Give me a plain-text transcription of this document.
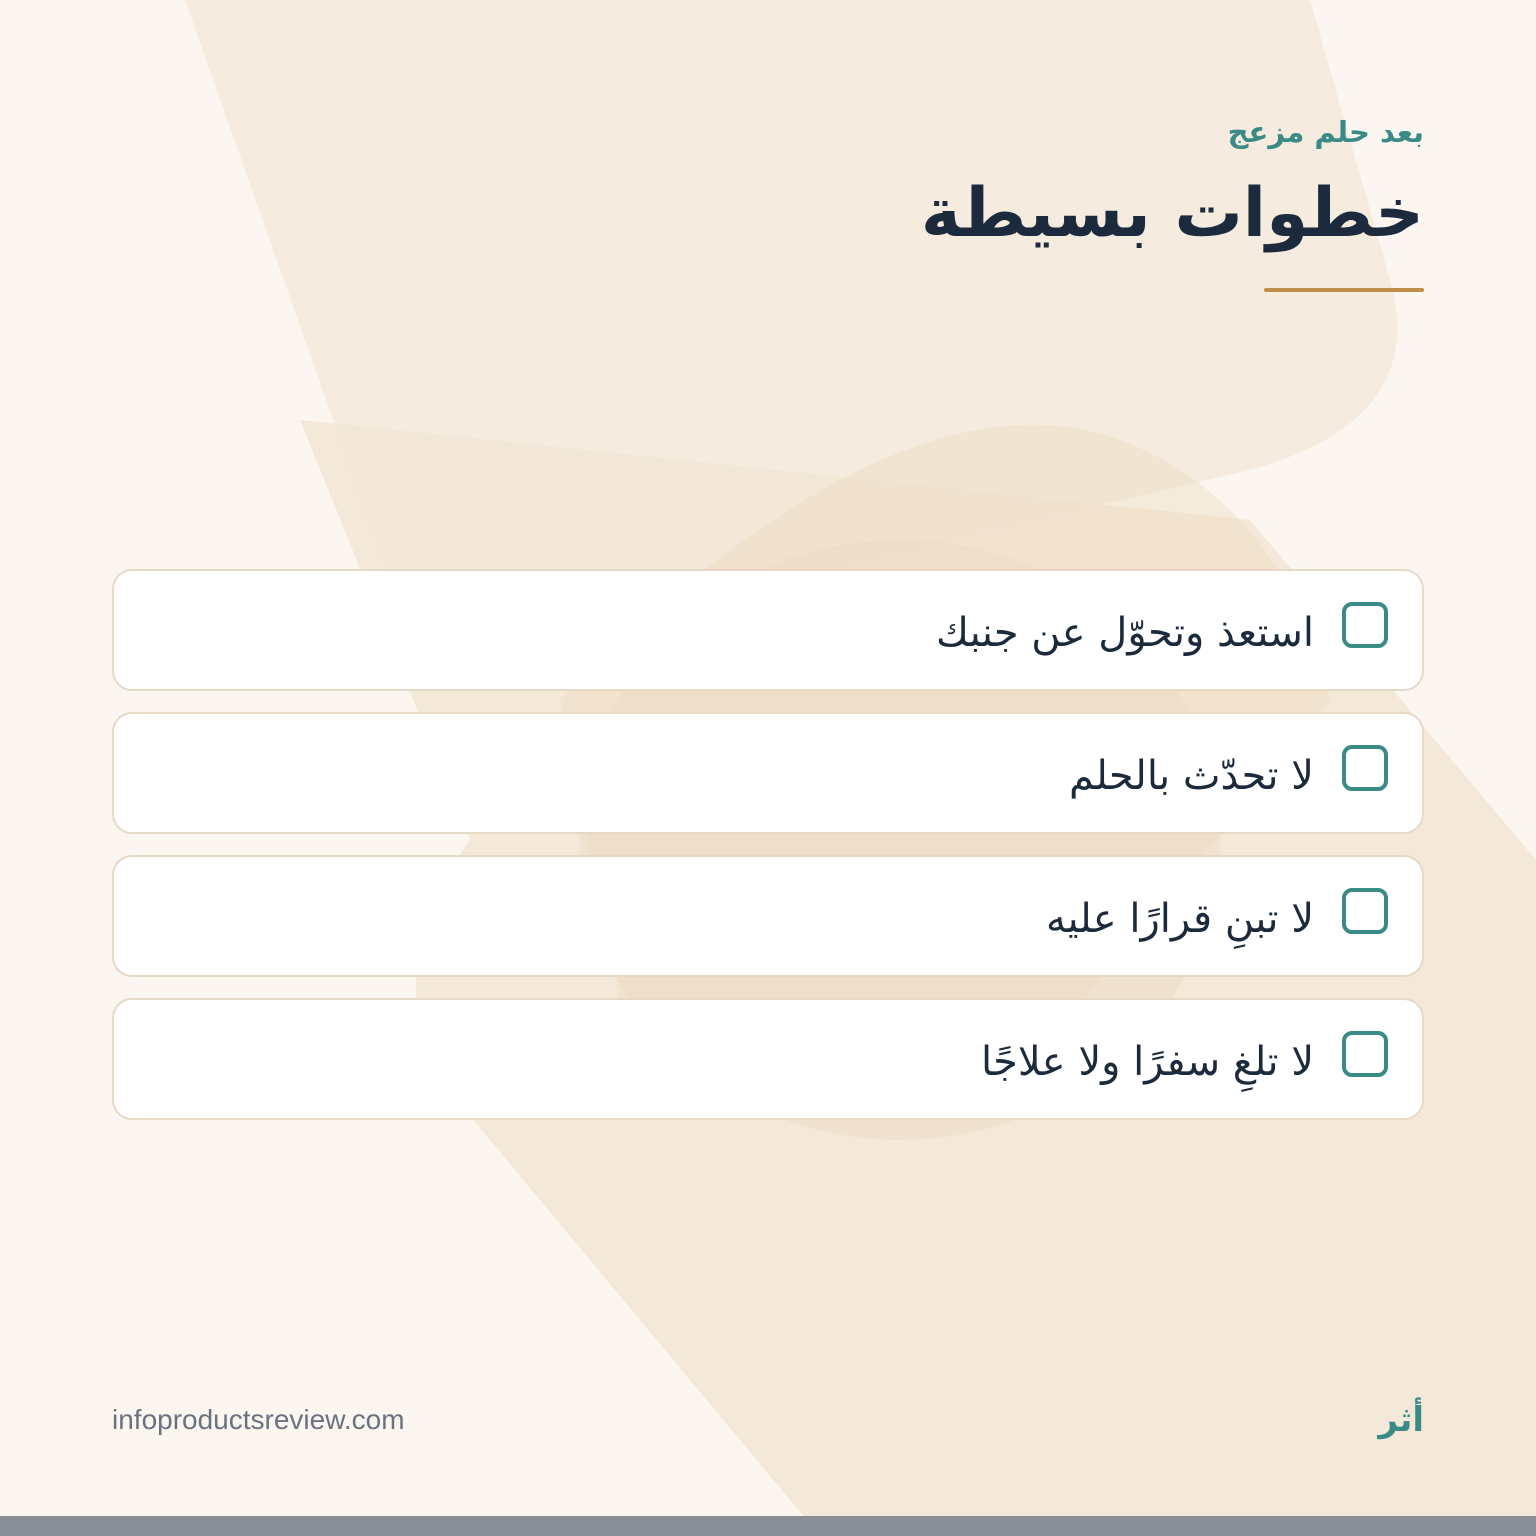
بعد حلم مزعج
خطوات بسيطة
استعذ وتحوّل عن جنبك
لا تحدّث بالحلم
لا تبنِ قرارًا عليه
لا تلغِ سفرًا ولا علاجًا
infoproductsreview.com	أثر
